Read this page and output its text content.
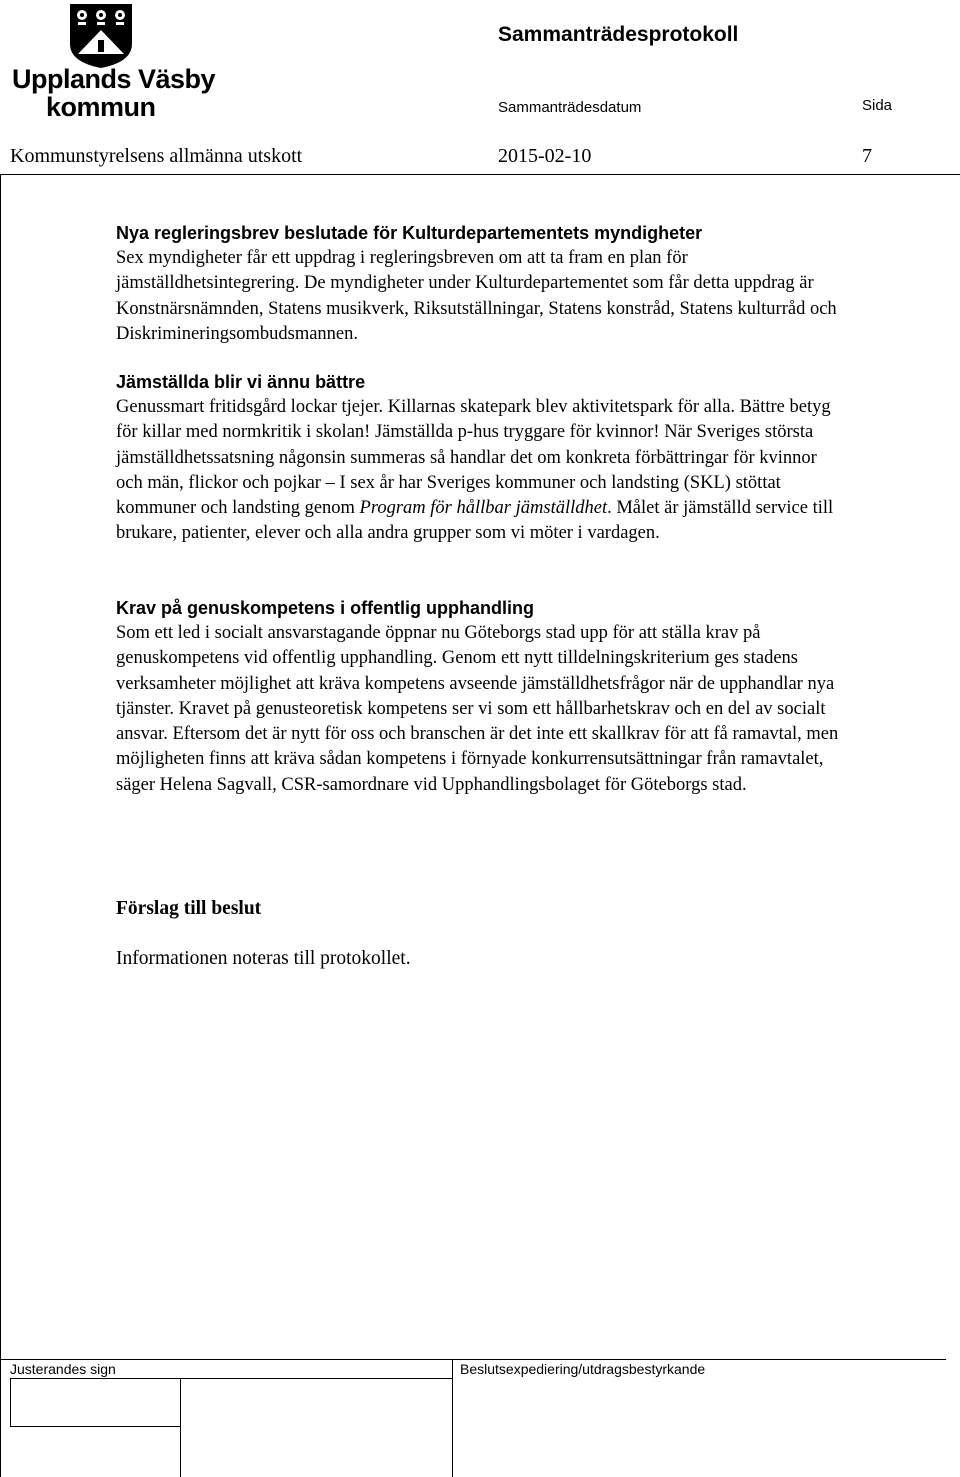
Upplands Väsby
kommun
Sammanträdesprotokoll
Sammanträdesdatum	Sida
Kommunstyrelsens allmänna utskott	2015-02-10	7

Nya regleringsbrev beslutade för Kulturdepartementets myndigheter

Sex myndigheter får ett uppdrag i regleringsbreven om att ta fram en plan för jämställdhetsintegrering. De myndigheter under Kulturdepartementet som får detta uppdrag är Konstnärsnämnden, Statens musikverk, Riksutställningar, Statens konstråd, Statens kulturråd och Diskrimineringsombudsmannen.

Jämställda blir vi ännu bättre

Genussmart fritidsgård lockar tjejer. Killarnas skatepark blev aktivitetspark för alla. Bättre betyg för killar med normkritik i skolan! Jämställda p-hus tryggare för kvinnor! När Sveriges största jämställdhetssatsning någonsin summeras så handlar det om konkreta förbättringar för kvinnor och män, flickor och pojkar – I sex år har Sveriges kommuner och landsting (SKL) stöttat kommuner och landsting genom Program för hållbar jämställdhet. Målet är jämställd service till brukare, patienter, elever och alla andra grupper som vi möter i vardagen.

Krav på genuskompetens i offentlig upphandling

Som ett led i socialt ansvarstagande öppnar nu Göteborgs stad upp för att ställa krav på genuskompetens vid offentlig upphandling. Genom ett nytt tilldelningskriterium ges stadens verksamheter möjlighet att kräva kompetens avseende jämställdhetsfrågor när de upphandlar nya tjänster. Kravet på genusteoretisk kompetens ser vi som ett hållbarhetskrav och en del av socialt ansvar. Eftersom det är nytt för oss och branschen är det inte ett skallkrav för att få ramavtal, men möjligheten finns att kräva sådan kompetens i förnyade konkurrensutsättningar från ramavtalet, säger Helena Sagvall, CSR-samordnare vid Upphandlingsbolaget för Göteborgs stad.

Förslag till beslut
Informationen noteras till protokollet.
Justerandes sign	Beslutsexpediering/utdragsbestyrkande
